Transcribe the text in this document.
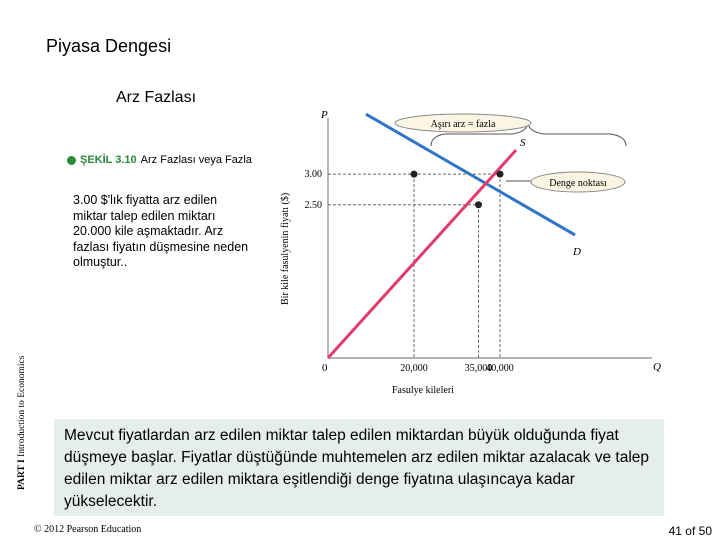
Piyasa Dengesi
Arz Fazlası
ŞEKİL 3.10 Arz Fazlası veya Fazla
3.00 $'lık fiyatta arz edilen miktar talep edilen miktarı 20.000 kile aşmaktadır. Arz fazlası fiyatın düşmesine neden olmuştur..
PART I Introduction to Economics
P
Q
0
3.00
2.50
20,000	35,000
40,000
D
S
Aşırı arz = fazla
Denge noktası
Fasulye kileleri
Bir kile fasulyenin fiyatı ($)
Mevcut fiyatlardan arz edilen miktar talep edilen miktardan büyük olduğunda fiyat düşmeye başlar. Fiyatlar düştüğünde muhtemelen arz edilen miktar azalacak ve talep edilen miktar arz edilen miktara eşitlendiği denge fiyatına ulaşıncaya kadar yükselecektir.
© 2012 Pearson Education	41 of 50
